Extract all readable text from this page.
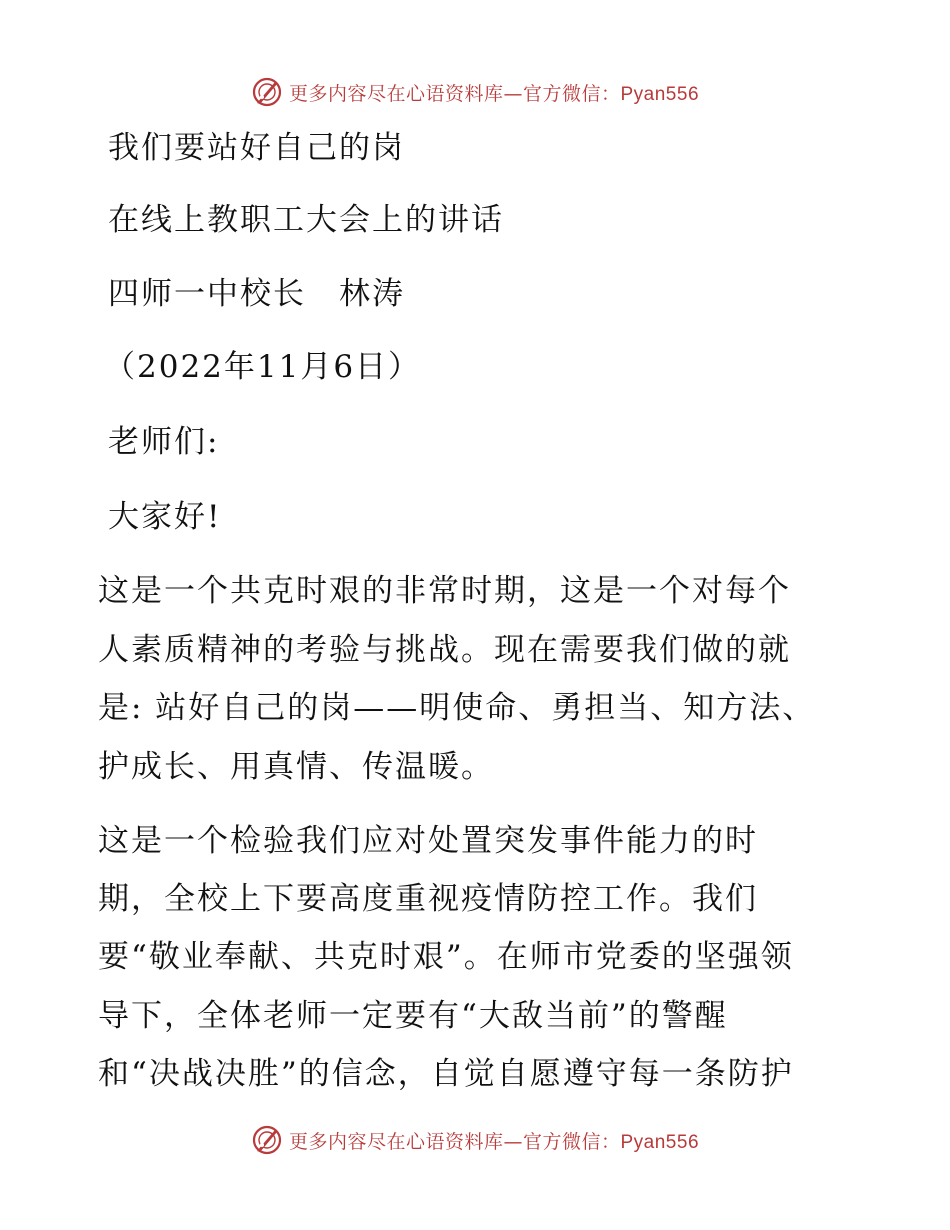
更多内容尽在心语资料库—官方微信：Pyan556
我们要站好自己的岗
在线上教职工大会上的讲话
四师一中校长　林涛
（2022年11月6日）
老师们:
大家好!
这是一个共克时艰的非常时期，这是一个对每个
人素质精神的考验与挑战。现在需要我们做的就
是: 站好自己的岗——明使命、勇担当、知方法、
护成长、用真情、传温暖。
这是一个检验我们应对处置突发事件能力的时
期，全校上下要高度重视疫情防控工作。我们
要“敬业奉献、共克时艰”。在师市党委的坚强领
导下，全体老师一定要有“大敌当前”的警醒
和“决战决胜”的信念，自觉自愿遵守每一条防护
更多内容尽在心语资料库—官方微信：Pyan556
